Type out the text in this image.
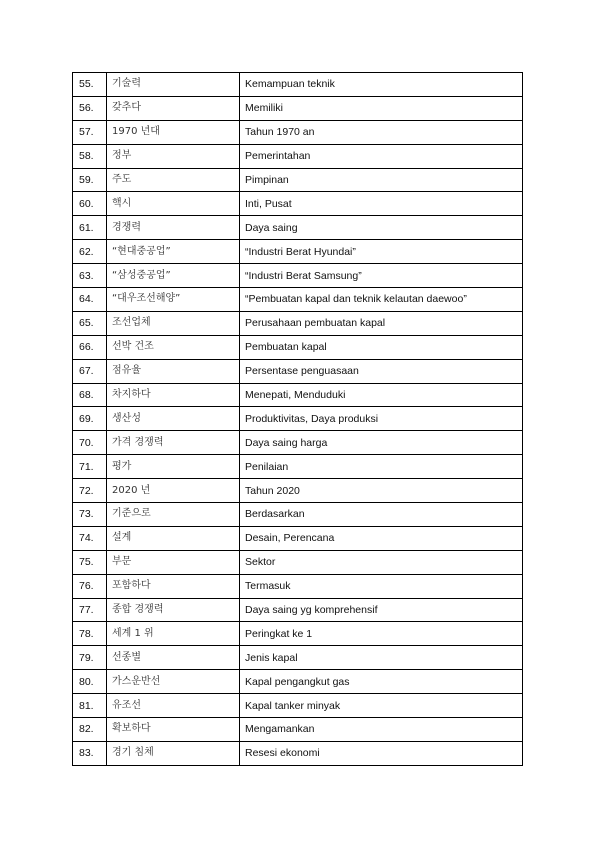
55.	기술력	Kemampuan teknik
56.	갖추다	Memiliki
57.	1970 년대	Tahun 1970 an
58.	정부	Pemerintahan
59.	주도	Pimpinan
60.	핵시	Inti, Pusat
61.	경쟁력	Daya saing
62.	“현대중공업”	“Industri Berat Hyundai”
63.	“삼성중공업”	“Industri Berat Samsung”
64.	“대우조선해양”	“Pembuatan kapal dan teknik kelautan daewoo”
65.	조선업체	Perusahaan pembuatan kapal
66.	선박 건조	Pembuatan kapal
67.	점유율	Persentase penguasaan
68.	차지하다	Menepati, Menduduki
69.	생산성	Produktivitas, Daya produksi
70.	가격 경쟁력	Daya saing harga
71.	평가	Penilaian
72.	2020 년	Tahun 2020
73.	기준으로	Berdasarkan
74.	설계	Desain, Perencana
75.	부문	Sektor
76.	포함하다	Termasuk
77.	종합 경쟁력	Daya saing yg komprehensif
78.	세계 1 위	Peringkat ke 1
79.	선종별	Jenis kapal
80.	가스운반선	Kapal pengangkut gas
81.	유조선	Kapal tanker minyak
82.	확보하다	Mengamankan
83.	경기 침체	Resesi ekonomi
